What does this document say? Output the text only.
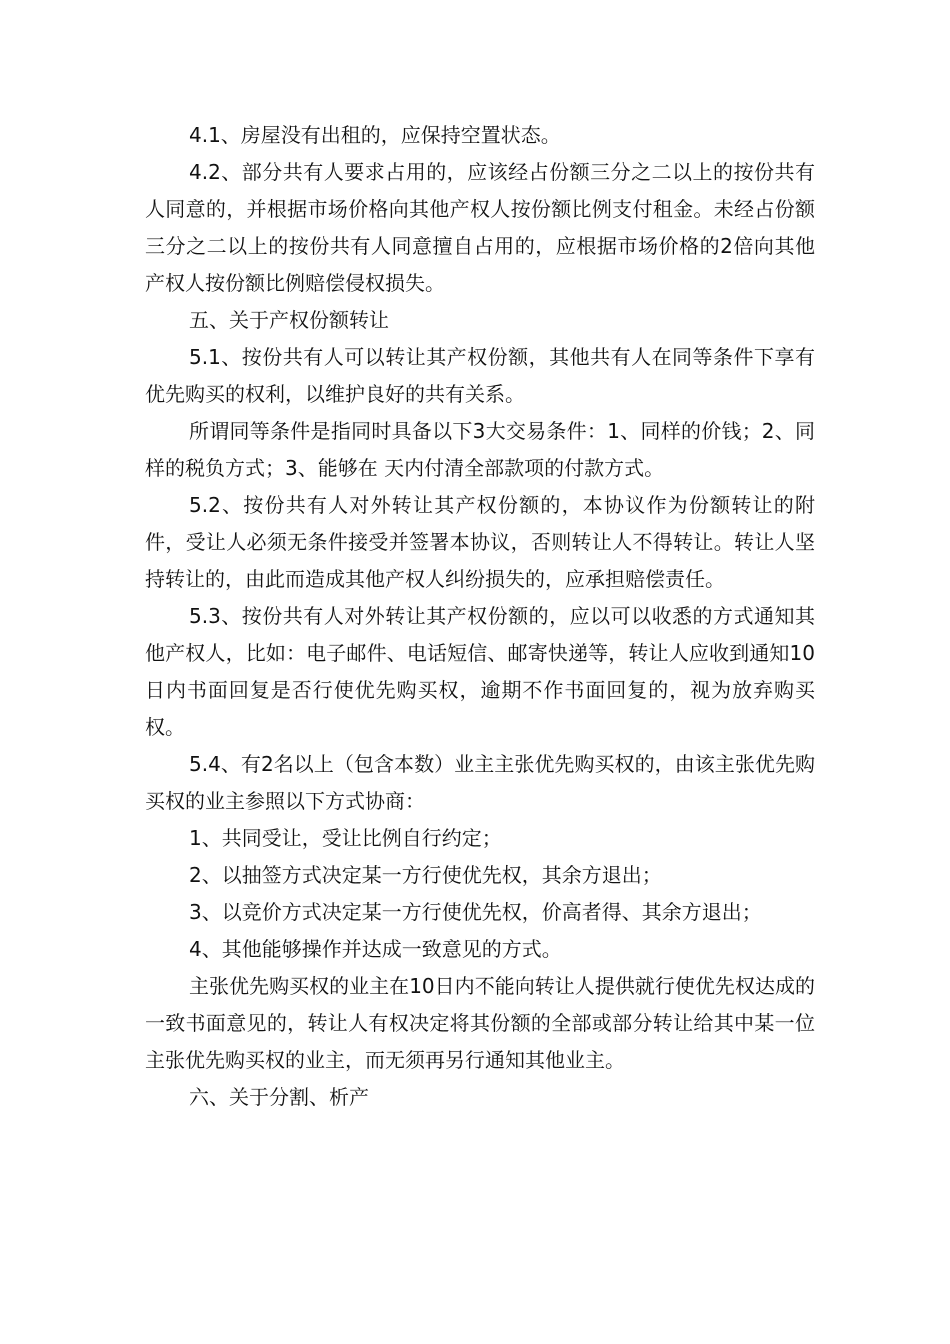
4.1、房屋没有出租的，应保持空置状态。

4.2、部分共有人要求占用的，应该经占份额三分之二以上的按份共有人同意的，并根据市场价格向其他产权人按份额比例支付租金。未经占份额三分之二以上的按份共有人同意擅自占用的，应根据市场价格的2倍向其他产权人按份额比例赔偿侵权损失。

五、关于产权份额转让

5.1、按份共有人可以转让其产权份额，其他共有人在同等条件下享有优先购买的权利，以维护良好的共有关系。

所谓同等条件是指同时具备以下3大交易条件：1、同样的价钱；2、同样的税负方式；3、能够在 天内付清全部款项的付款方式。

5.2、按份共有人对外转让其产权份额的，本协议作为份额转让的附件，受让人必须无条件接受并签署本协议，否则转让人不得转让。转让人坚持转让的，由此而造成其他产权人纠纷损失的，应承担赔偿责任。

5.3、按份共有人对外转让其产权份额的，应以可以收悉的方式通知其他产权人，比如：电子邮件、电话短信、邮寄快递等，转让人应收到通知10日内书面回复是否行使优先购买权，逾期不作书面回复的，视为放弃购买权。

5.4、有2名以上（包含本数）业主主张优先购买权的，由该主张优先购买权的业主参照以下方式协商：

1、共同受让，受让比例自行约定；

2、以抽签方式决定某一方行使优先权，其余方退出；

3、以竞价方式决定某一方行使优先权，价高者得、其余方退出；

4、其他能够操作并达成一致意见的方式。

主张优先购买权的业主在10日内不能向转让人提供就行使优先权达成的一致书面意见的，转让人有权决定将其份额的全部或部分转让给其中某一位主张优先购买权的业主，而无须再另行通知其他业主。

六、关于分割、析产
